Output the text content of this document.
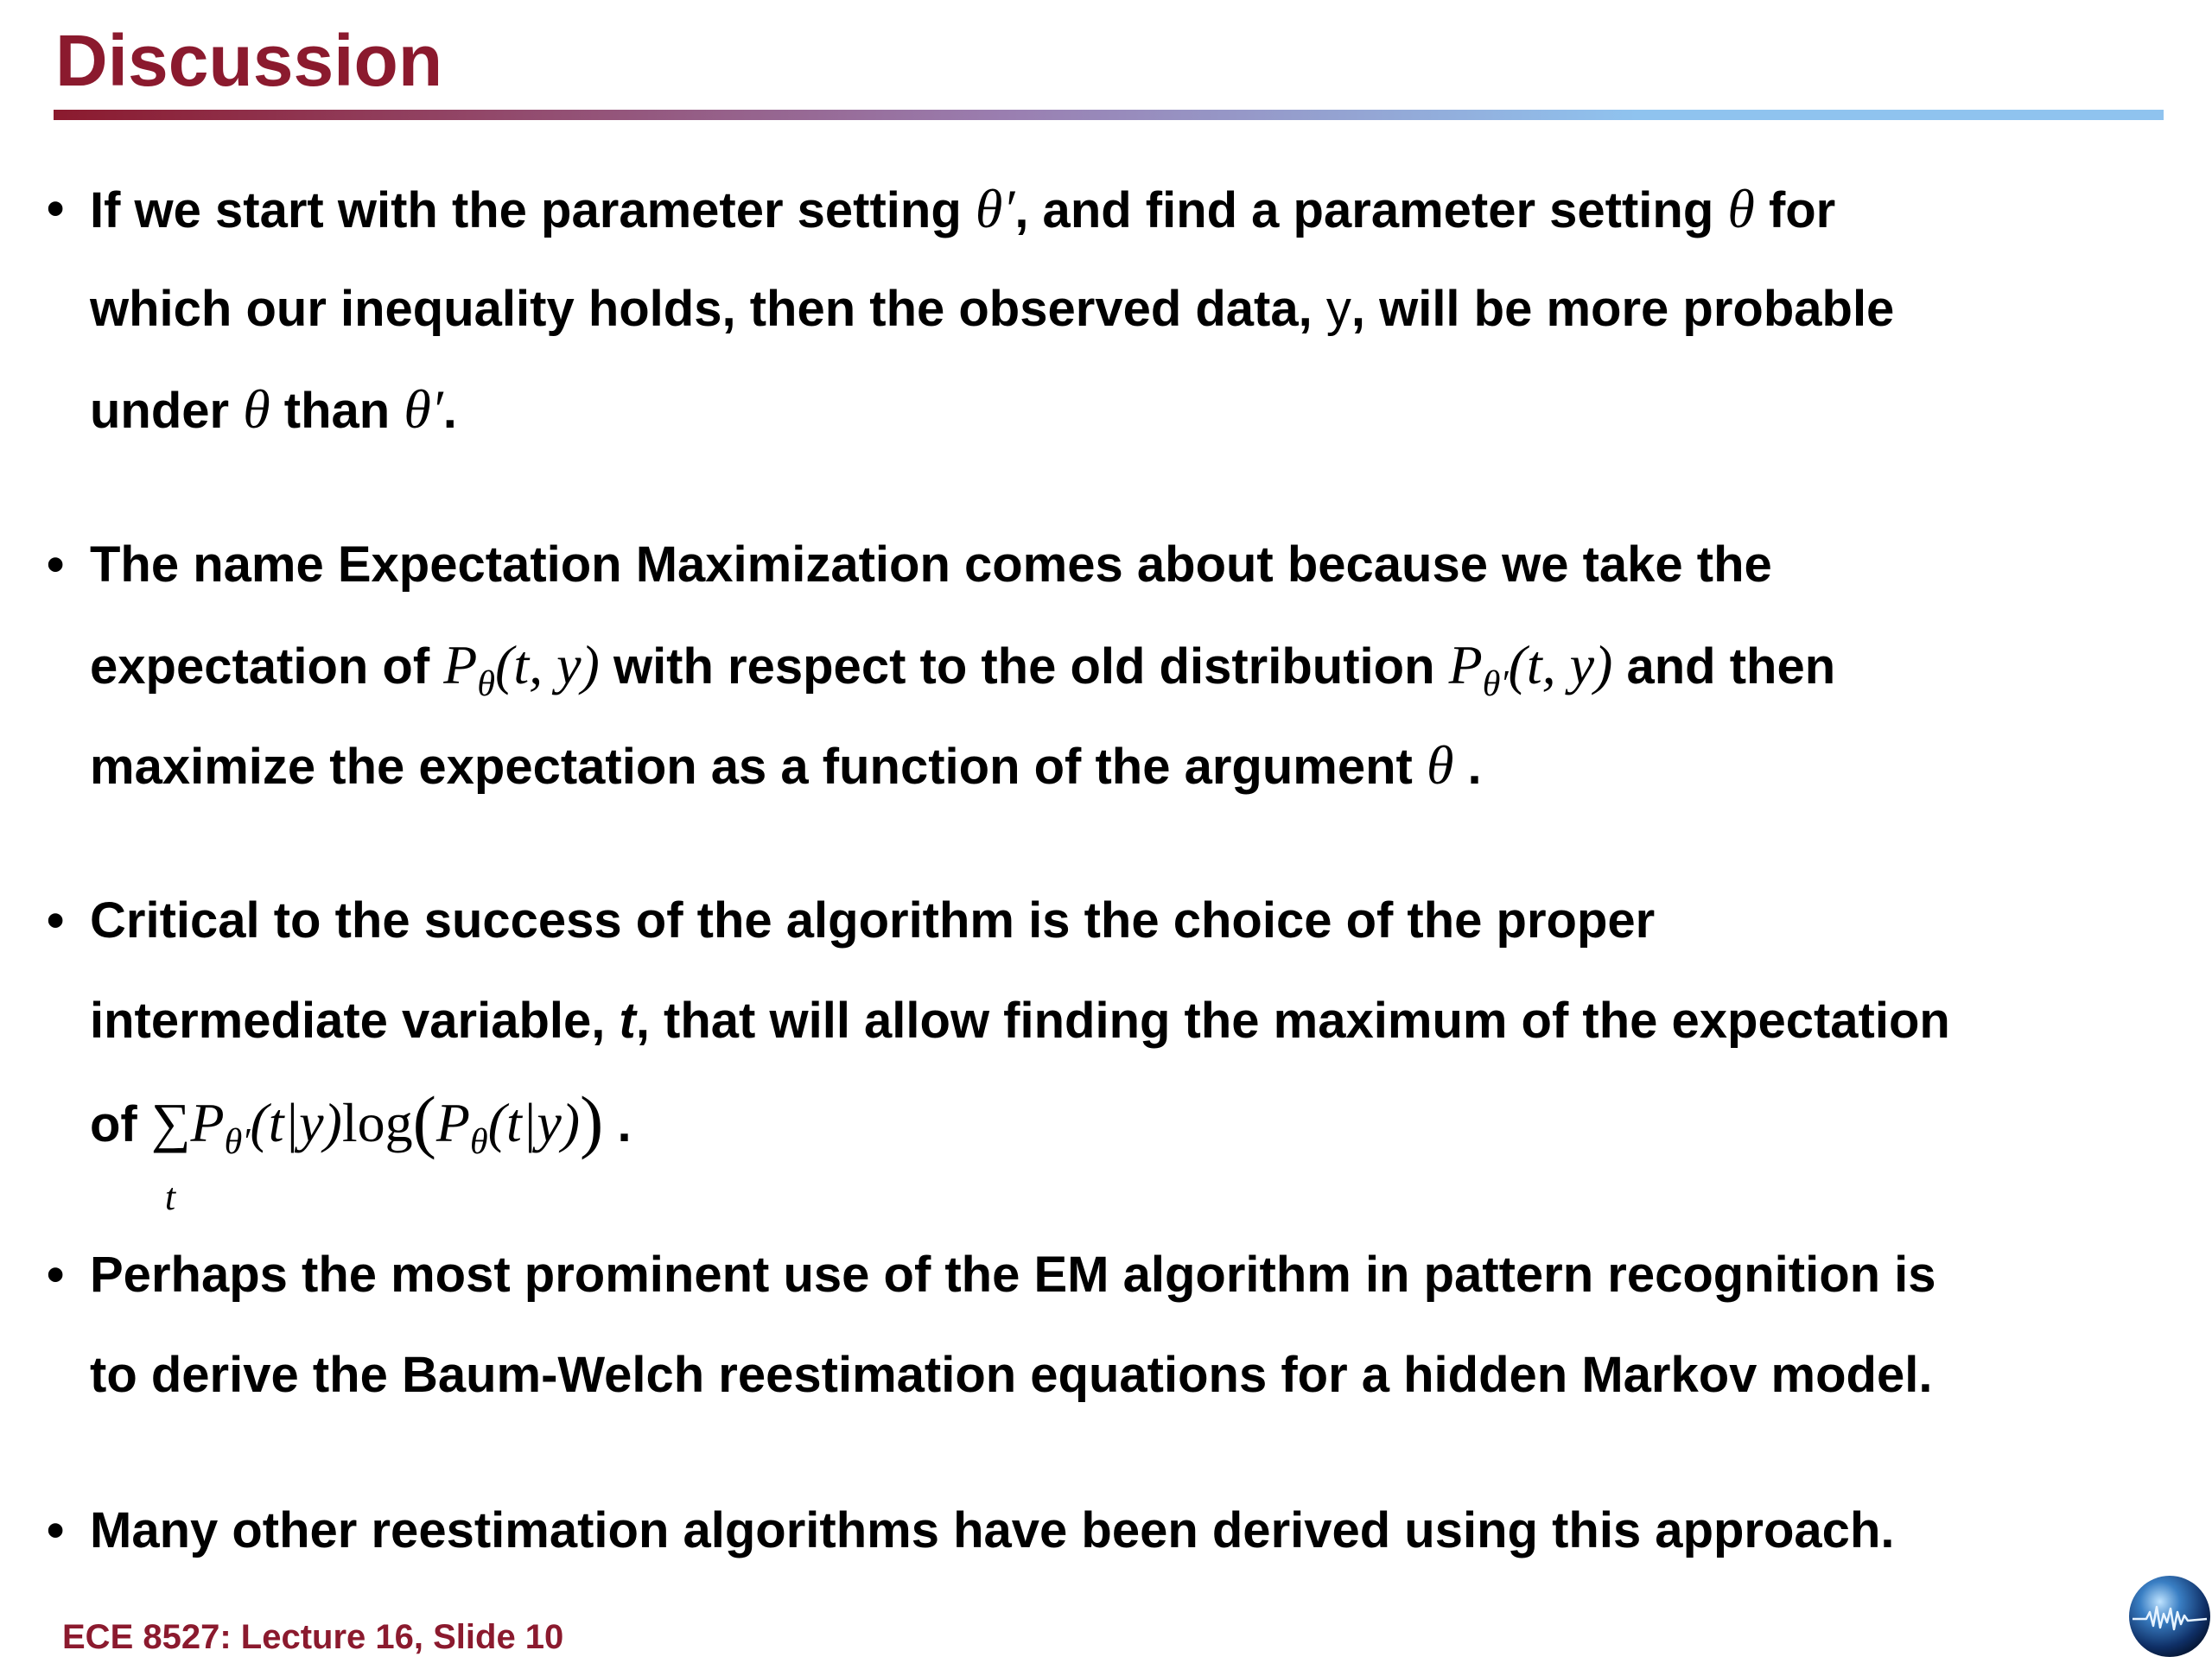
Discussion
• If we start with the parameter setting θ′, and find a parameter setting θ for
which our inequality holds, then the observed data, y, will be more probable
under θ than θ′.
• The name Expectation Maximization comes about because we take the
expectation of $P_\theta(t$, y) with respect to the old distribution $P_{\theta'}(t$, y) and then
maximize the expectation as a function of the argument θ .
• Critical to the success of the algorithm is the choice of the proper
intermediate variable, t, that will allow finding the maximum of the expectation
of ∑
t
$P_{\theta'}(t|y)\log(P_\theta(t|y))$ .
• Perhaps the most prominent use of the EM algorithm in pattern recognition is
to derive the Baum-Welch reestimation equations for a hidden Markov model.
• Many other reestimation algorithms have been derived using this approach.
ECE 8527: Lecture 16, Slide 10
